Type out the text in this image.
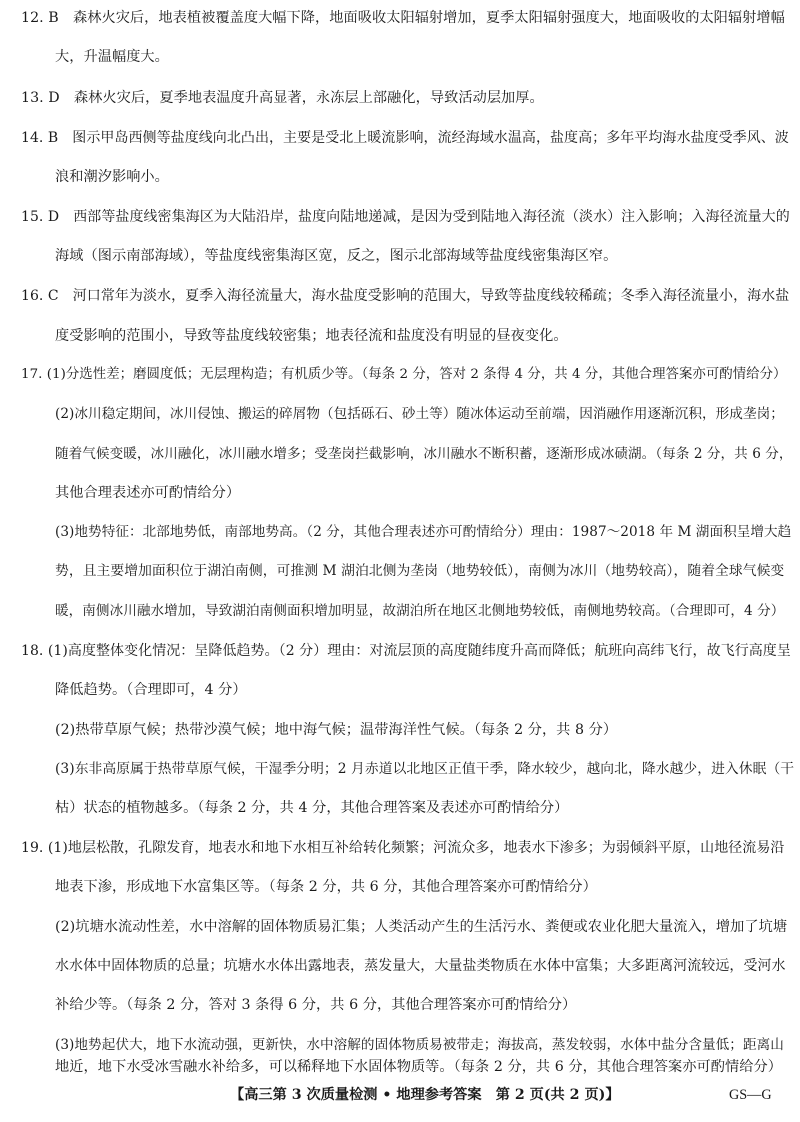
12. B　森林火灾后，地表植被覆盖度大幅下降，地面吸收太阳辐射增加，夏季太阳辐射强度大，地面吸收的太阳辐射增幅
大，升温幅度大。
13. D　森林火灾后，夏季地表温度升高显著，永冻层上部融化，导致活动层加厚。
14. B　图示甲岛西侧等盐度线向北凸出，主要是受北上暖流影响，流经海域水温高，盐度高；多年平均海水盐度受季风、波
浪和潮汐影响小。
15. D　西部等盐度线密集海区为大陆沿岸，盐度向陆地递减，是因为受到陆地入海径流（淡水）注入影响；入海径流量大的
海域（图示南部海域），等盐度线密集海区宽，反之，图示北部海域等盐度线密集海区窄。
16. C　河口常年为淡水，夏季入海径流量大，海水盐度受影响的范围大，导致等盐度线较稀疏；冬季入海径流量小，海水盐
度受影响的范围小，导致等盐度线较密集；地表径流和盐度没有明显的昼夜变化。
17. (1)分选性差；磨圆度低；无层理构造；有机质少等。（每条 2 分，答对 2 条得 4 分，共 4 分，其他合理答案亦可酌情给分）
(2)冰川稳定期间，冰川侵蚀、搬运的碎屑物（包括砾石、砂土等）随冰体运动至前端，因消融作用逐渐沉积，形成垄岗；
随着气候变暖，冰川融化，冰川融水增多；受垄岗拦截影响，冰川融水不断积蓄，逐渐形成冰碛湖。（每条 2 分，共 6 分，
其他合理表述亦可酌情给分）
(3)地势特征：北部地势低，南部地势高。（2 分，其他合理表述亦可酌情给分）理由：1987～2018 年 M 湖面积呈增大趋
势，且主要增加面积位于湖泊南侧，可推测 M 湖泊北侧为垄岗（地势较低），南侧为冰川（地势较高），随着全球气候变
暖，南侧冰川融水增加，导致湖泊南侧面积增加明显，故湖泊所在地区北侧地势较低，南侧地势较高。（合理即可，4 分）
18. (1)高度整体变化情况：呈降低趋势。（2 分）理由：对流层顶的高度随纬度升高而降低；航班向高纬飞行，故飞行高度呈
降低趋势。（合理即可，4 分）
(2)热带草原气候；热带沙漠气候；地中海气候；温带海洋性气候。（每条 2 分，共 8 分）
(3)东非高原属于热带草原气候，干湿季分明；2 月赤道以北地区正值干季，降水较少，越向北，降水越少，进入休眠（干
枯）状态的植物越多。（每条 2 分，共 4 分，其他合理答案及表述亦可酌情给分）
19. (1)地层松散，孔隙发育，地表水和地下水相互补给转化频繁；河流众多，地表水下渗多；为弱倾斜平原，山地径流易沿
地表下渗，形成地下水富集区等。（每条 2 分，共 6 分，其他合理答案亦可酌情给分）
(2)坑塘水流动性差，水中溶解的固体物质易汇集；人类活动产生的生活污水、粪便或农业化肥大量流入，增加了坑塘
水水体中固体物质的总量；坑塘水水体出露地表，蒸发量大，大量盐类物质在水体中富集；大多距离河流较远，受河水
补给少等。（每条 2 分，答对 3 条得 6 分，共 6 分，其他合理答案亦可酌情给分）
(3)地势起伏大，地下水流动强，更新快，水中溶解的固体物质易被带走；海拔高，蒸发较弱，水体中盐分含量低；距离山
【高三第 3 次质量检测 • 地理参考答案　第 2 页(共 2 页)】	GS—G
地近，地下水受冰雪融水补给多，可以稀释地下水固体物质等。（每条 2 分，共 6 分，其他合理答案亦可酌情给分）
